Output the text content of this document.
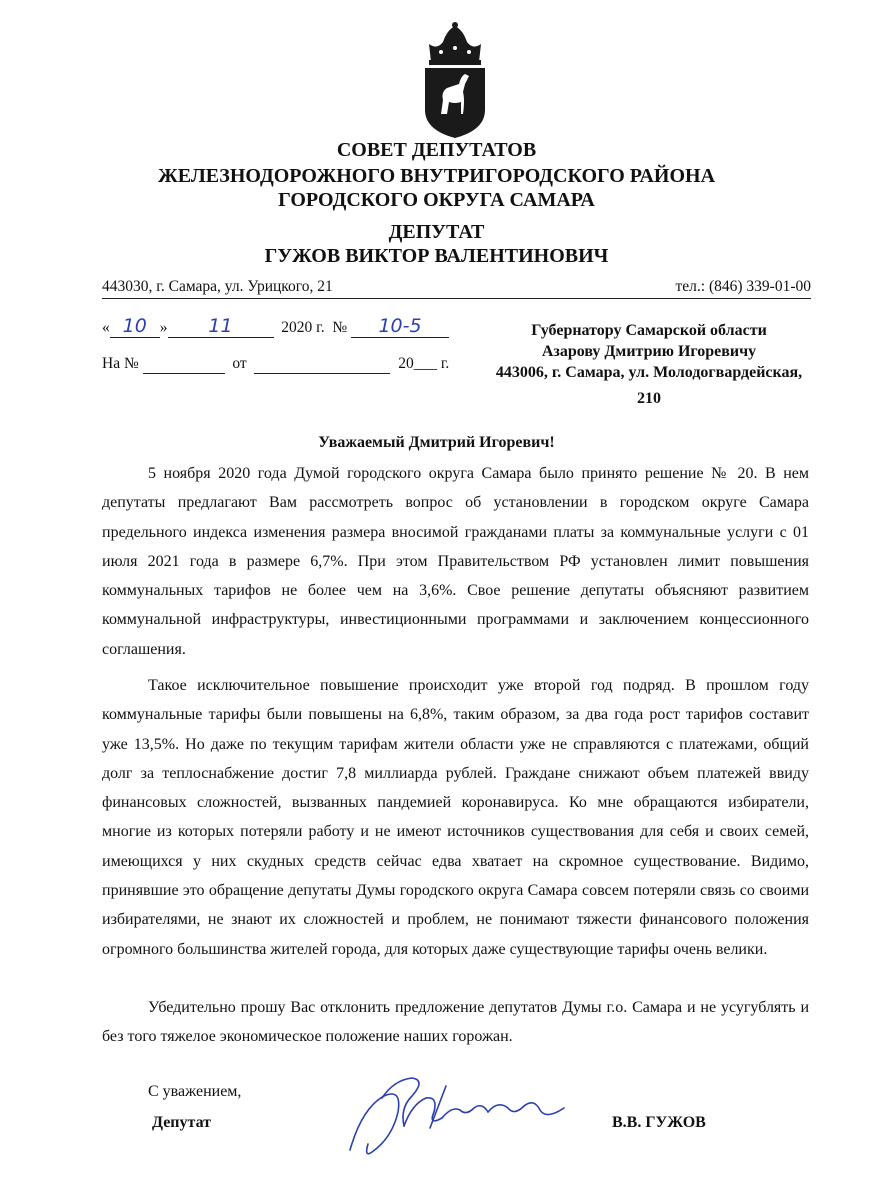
СОВЕТ ДЕПУТАТОВ
ЖЕЛЕЗНОДОРОЖНОГО ВНУТРИГОРОДСКОГО РАЙОНА
ГОРОДСКОГО ОКРУГА САМАРА
ДЕПУТАТ
ГУЖОВ ВИКТОР ВАЛЕНТИНОВИЧ
443030, г. Самара, ул. Урицкого, 21	тел.: (846) 339-01-00
« 10 » 11	2020 г. № 10-5
На №	от	20___ г.
Губернатору Самарской области
Азарову Дмитрию Игоревичу
443006, г. Самара, ул. Молодогвардейская,
210
Уважаемый Дмитрий Игоревич!

5 ноября 2020 года Думой городского округа Самара было принято решение № 20. В нем депутаты предлагают Вам рассмотреть вопрос об установлении в городском округе Самара предельного индекса изменения размера вносимой гражданами платы за коммунальные услуги с 01 июля 2021 года в размере 6,7%. При этом Правительством РФ установлен лимит повышения коммунальных тарифов не более чем на 3,6%. Свое решение депутаты объясняют развитием коммунальной инфраструктуры, инвестиционными программами и заключением концессионного соглашения.

Такое исключительное повышение происходит уже второй год подряд. В прошлом году коммунальные тарифы были повышены на 6,8%, таким образом, за два года рост тарифов составит уже 13,5%. Но даже по текущим тарифам жители области уже не справляются с платежами, общий долг за теплоснабжение достиг 7,8 миллиарда рублей. Граждане снижают объем платежей ввиду финансовых сложностей, вызванных пандемией коронавируса. Ко мне обращаются избиратели, многие из которых потеряли работу и не имеют источников существования для себя и своих семей, имеющихся у них скудных средств сейчас едва хватает на скромное существование. Видимо, принявшие это обращение депутаты Думы городского округа Самара совсем потеряли связь со своими избирателями, не знают их сложностей и проблем, не понимают тяжести финансового положения огромного большинства жителей города, для которых даже существующие тарифы очень велики.

Убедительно прошу Вас отклонить предложение депутатов Думы г.о. Самара и не усугублять и без того тяжелое экономическое положение наших горожан.

С уважением,
Депутат	В.В. ГУЖОВ
